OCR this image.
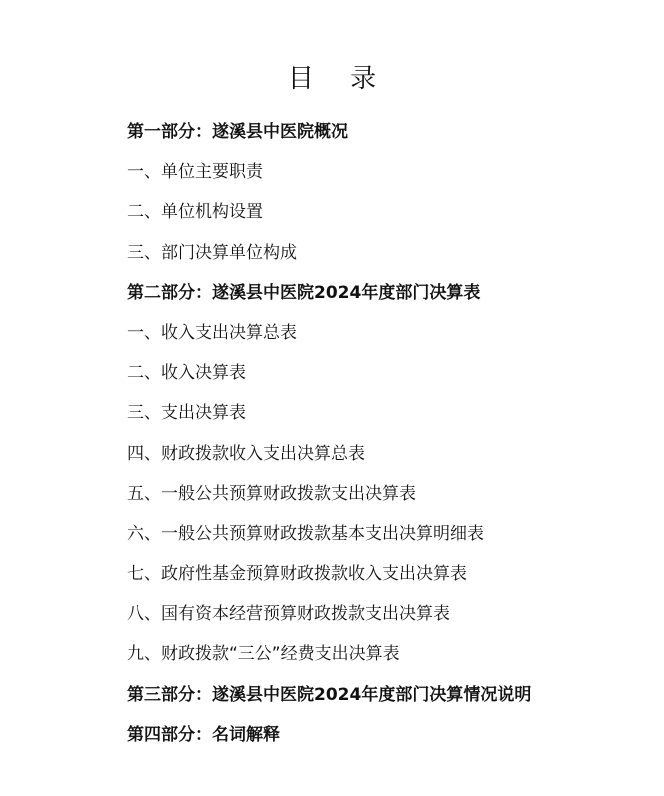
目 录
第一部分：遂溪县中医院概况
一、单位主要职责
二、单位机构设置
三、部门决算单位构成
第二部分：遂溪县中医院2024年度部门决算表
一、收入支出决算总表
二、收入决算表
三、支出决算表
四、财政拨款收入支出决算总表
五、一般公共预算财政拨款支出决算表
六、一般公共预算财政拨款基本支出决算明细表
七、政府性基金预算财政拨款收入支出决算表
八、国有资本经营预算财政拨款支出决算表
九、财政拨款“三公”经费支出决算表
第三部分：遂溪县中医院2024年度部门决算情况说明
第四部分：名词解释
